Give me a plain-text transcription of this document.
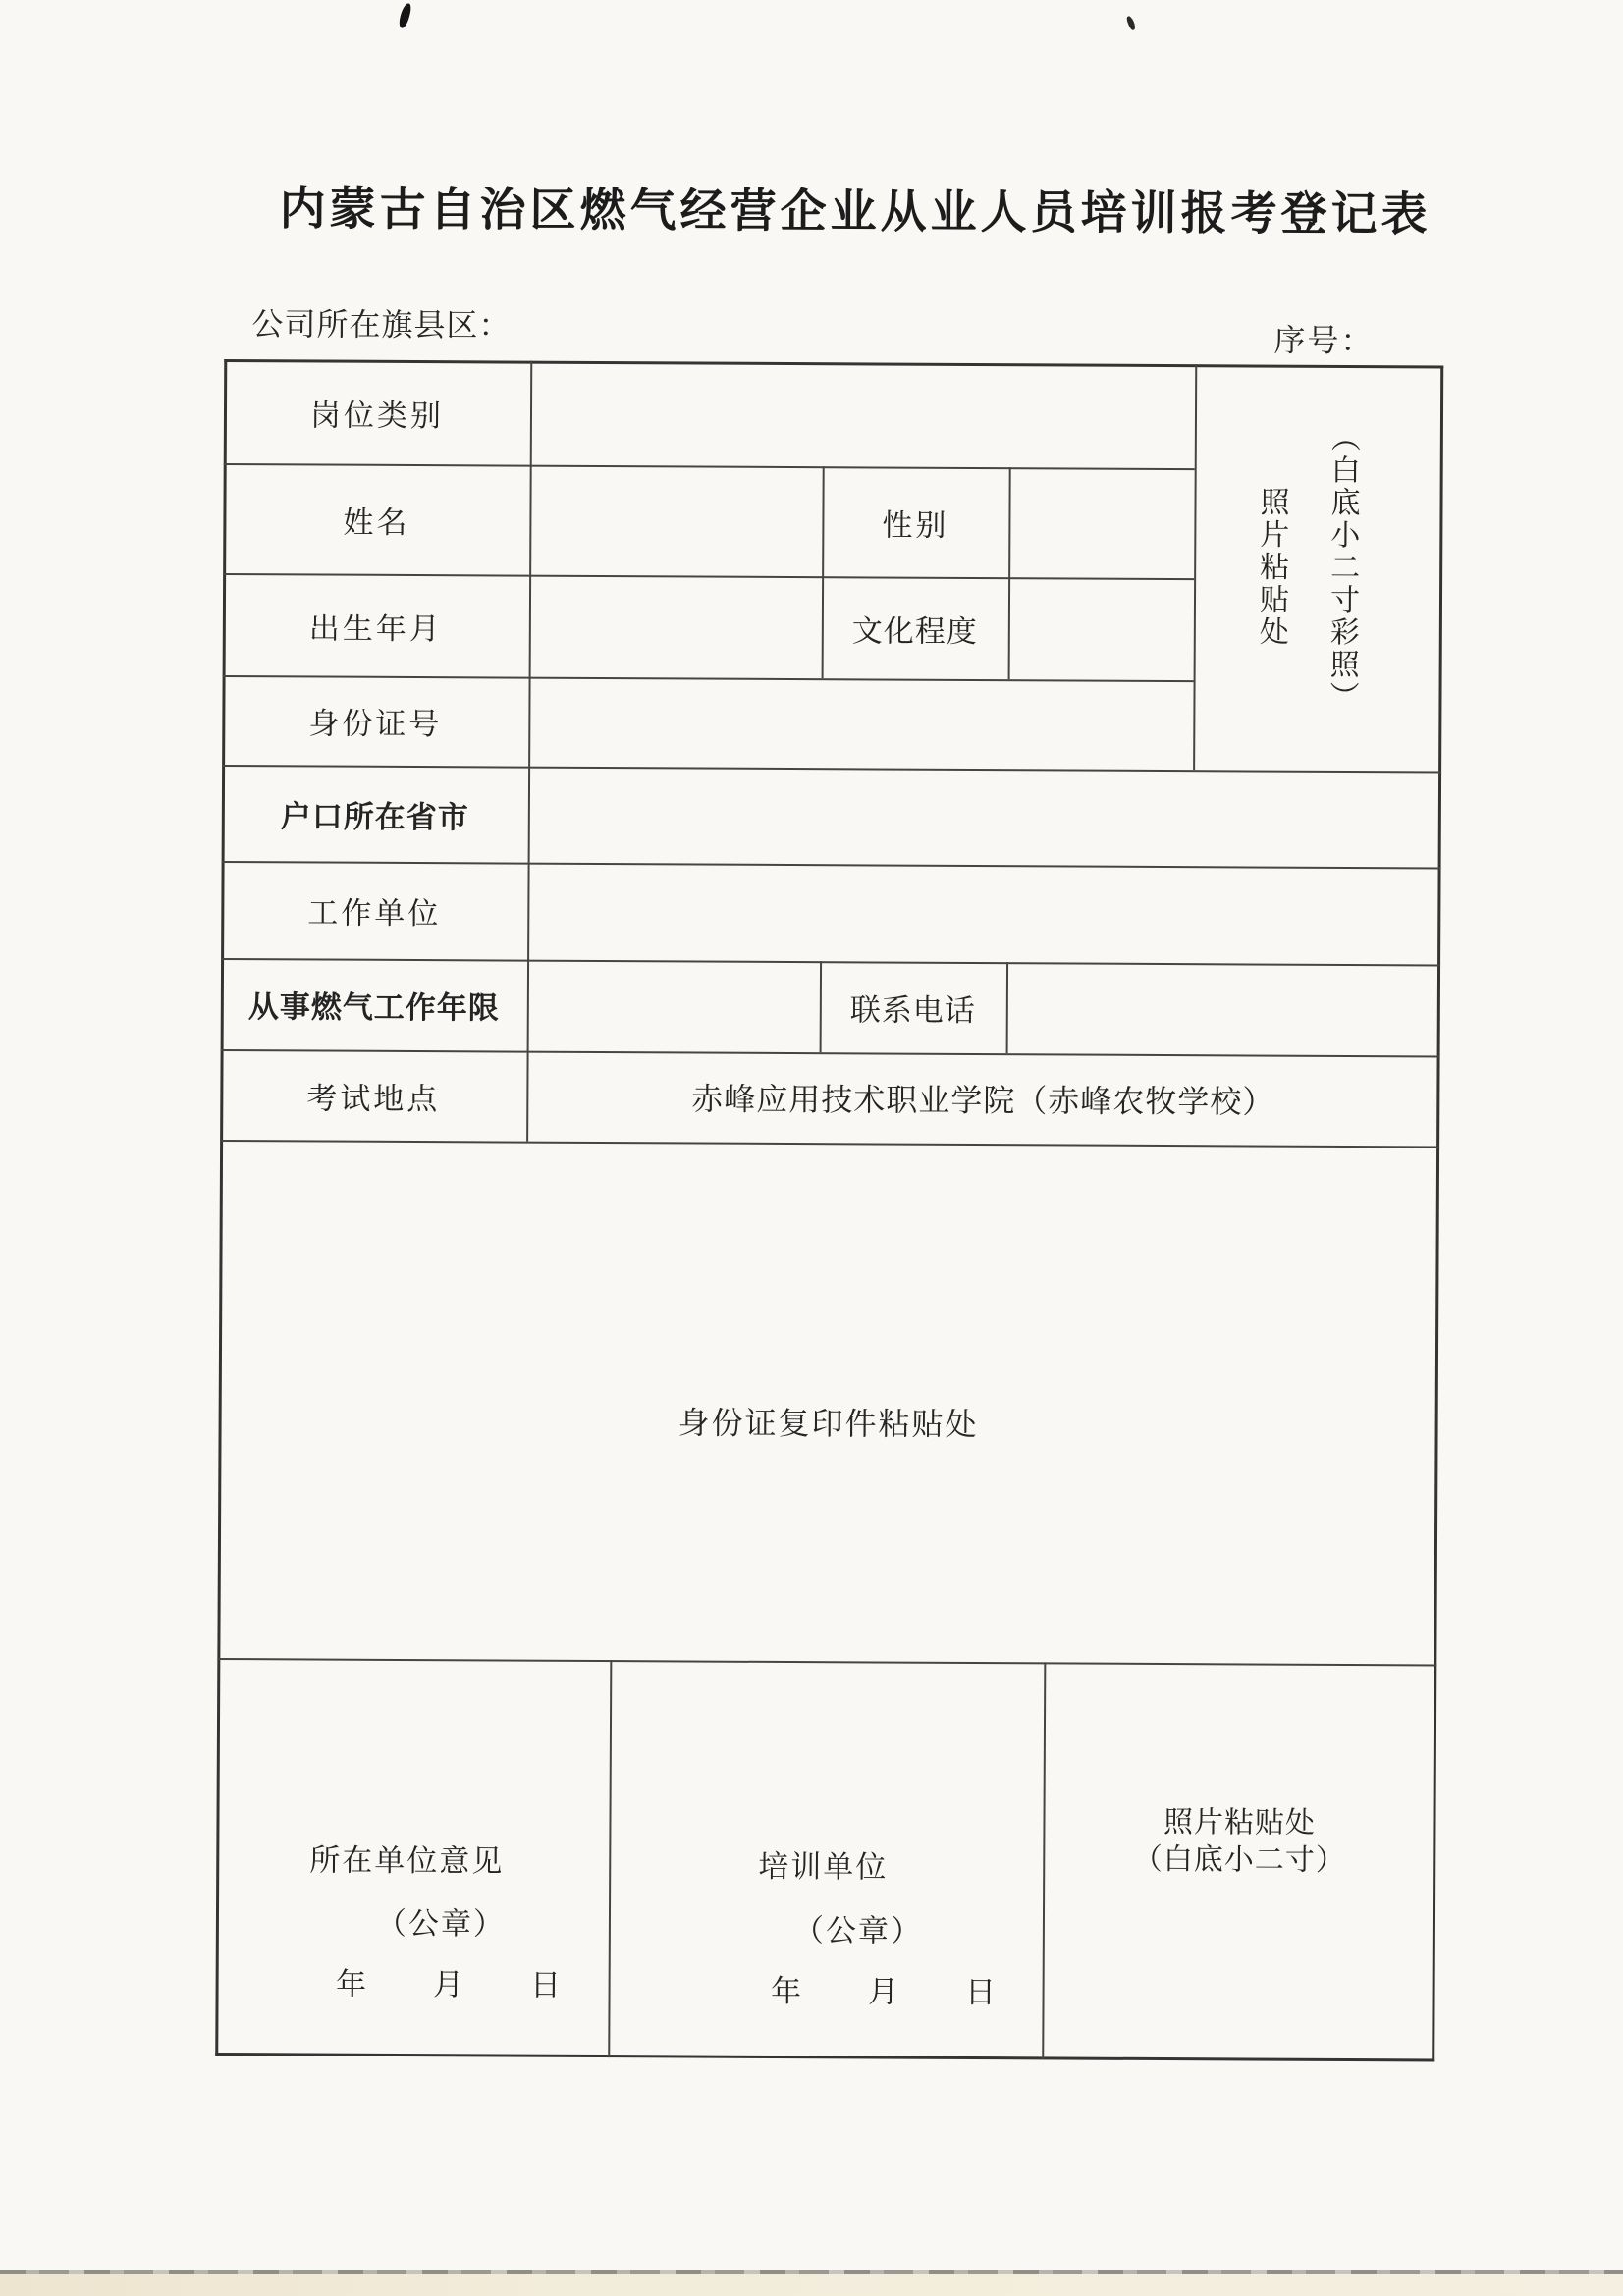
内蒙古自治区燃气经营企业从业人员培训报考登记表
公司所在旗县区：	序号：
岗位类别
姓名	性别
出生年月	文化程度
身份证号
户口所在省市
工作单位
从事燃气工作年限	联系电话
考试地点	赤峰应用技术职业学院（赤峰农牧学校）
（白底小二寸彩照）
照片粘贴处
身份证复印件粘贴处
所在单位意见
（公章）
年　　月　　日
培训单位
（公章）
年　　月　　日
照片粘贴处
（白底小二寸）
